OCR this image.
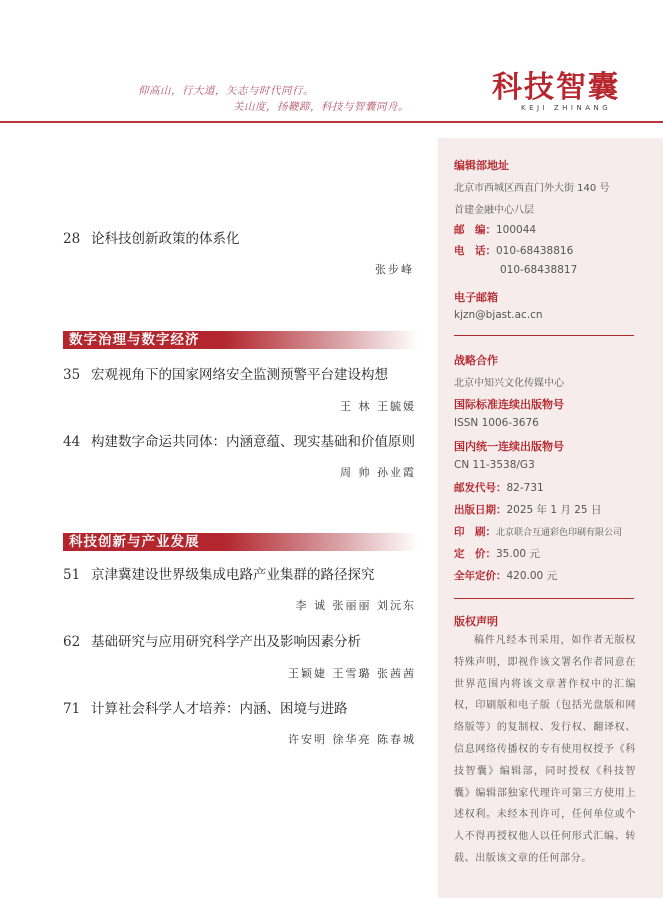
仰高山，行大道，矢志与时代同行。
关山度，扬鞭蹄，科技与智囊同舟。
科技智囊
KEJI ZHINANG
28 论科技创新政策的体系化
张步峰
数字治理与数字经济
35 宏观视角下的国家网络安全监测预警平台建设构想
王 林 王毓媛
44 构建数字命运共同体：内涵意蕴、现实基础和价值原则
周 帅 孙业霞
科技创新与产业发展
51 京津冀建设世界级集成电路产业集群的路径探究
李 诚 张丽丽 刘沅东
62 基础研究与应用研究科学产出及影响因素分析
王颖婕 王雪璐 张茜茜
71 计算社会科学人才培养：内涵、困境与进路
许安明 徐华亮 陈春城
编辑部地址
北京市西城区西直门外大街 140 号
首建金融中心八层
邮　编：100044
电　话：010-68438816
010-68438817
电子邮箱
kjzn@bjast.ac.cn
战略合作
北京中知兴文化传媒中心
国际标准连续出版物号
ISSN 1006-3676
国内统一连续出版物号
CN 11-3538/G3
邮发代号：82-731
出版日期：2025 年 1 月 25 日
印　刷：北京联合互通彩色印刷有限公司
定　价：35.00 元
全年定价：420.00 元
版权声明
稿件凡经本刊采用，如作者无版权特殊声明，即视作该文署名作者同意在世界范围内将该文章著作权中的汇编权，印刷版和电子版（包括光盘版和网络版等）的复制权、发行权、翻译权、信息网络传播权的专有使用权授予《科技智囊》编辑部，同时授权《科技智囊》编辑部独家代理许可第三方使用上述权利。未经本刊许可，任何单位或个人不得再授权他人以任何形式汇编、转载、出版该文章的任何部分。
